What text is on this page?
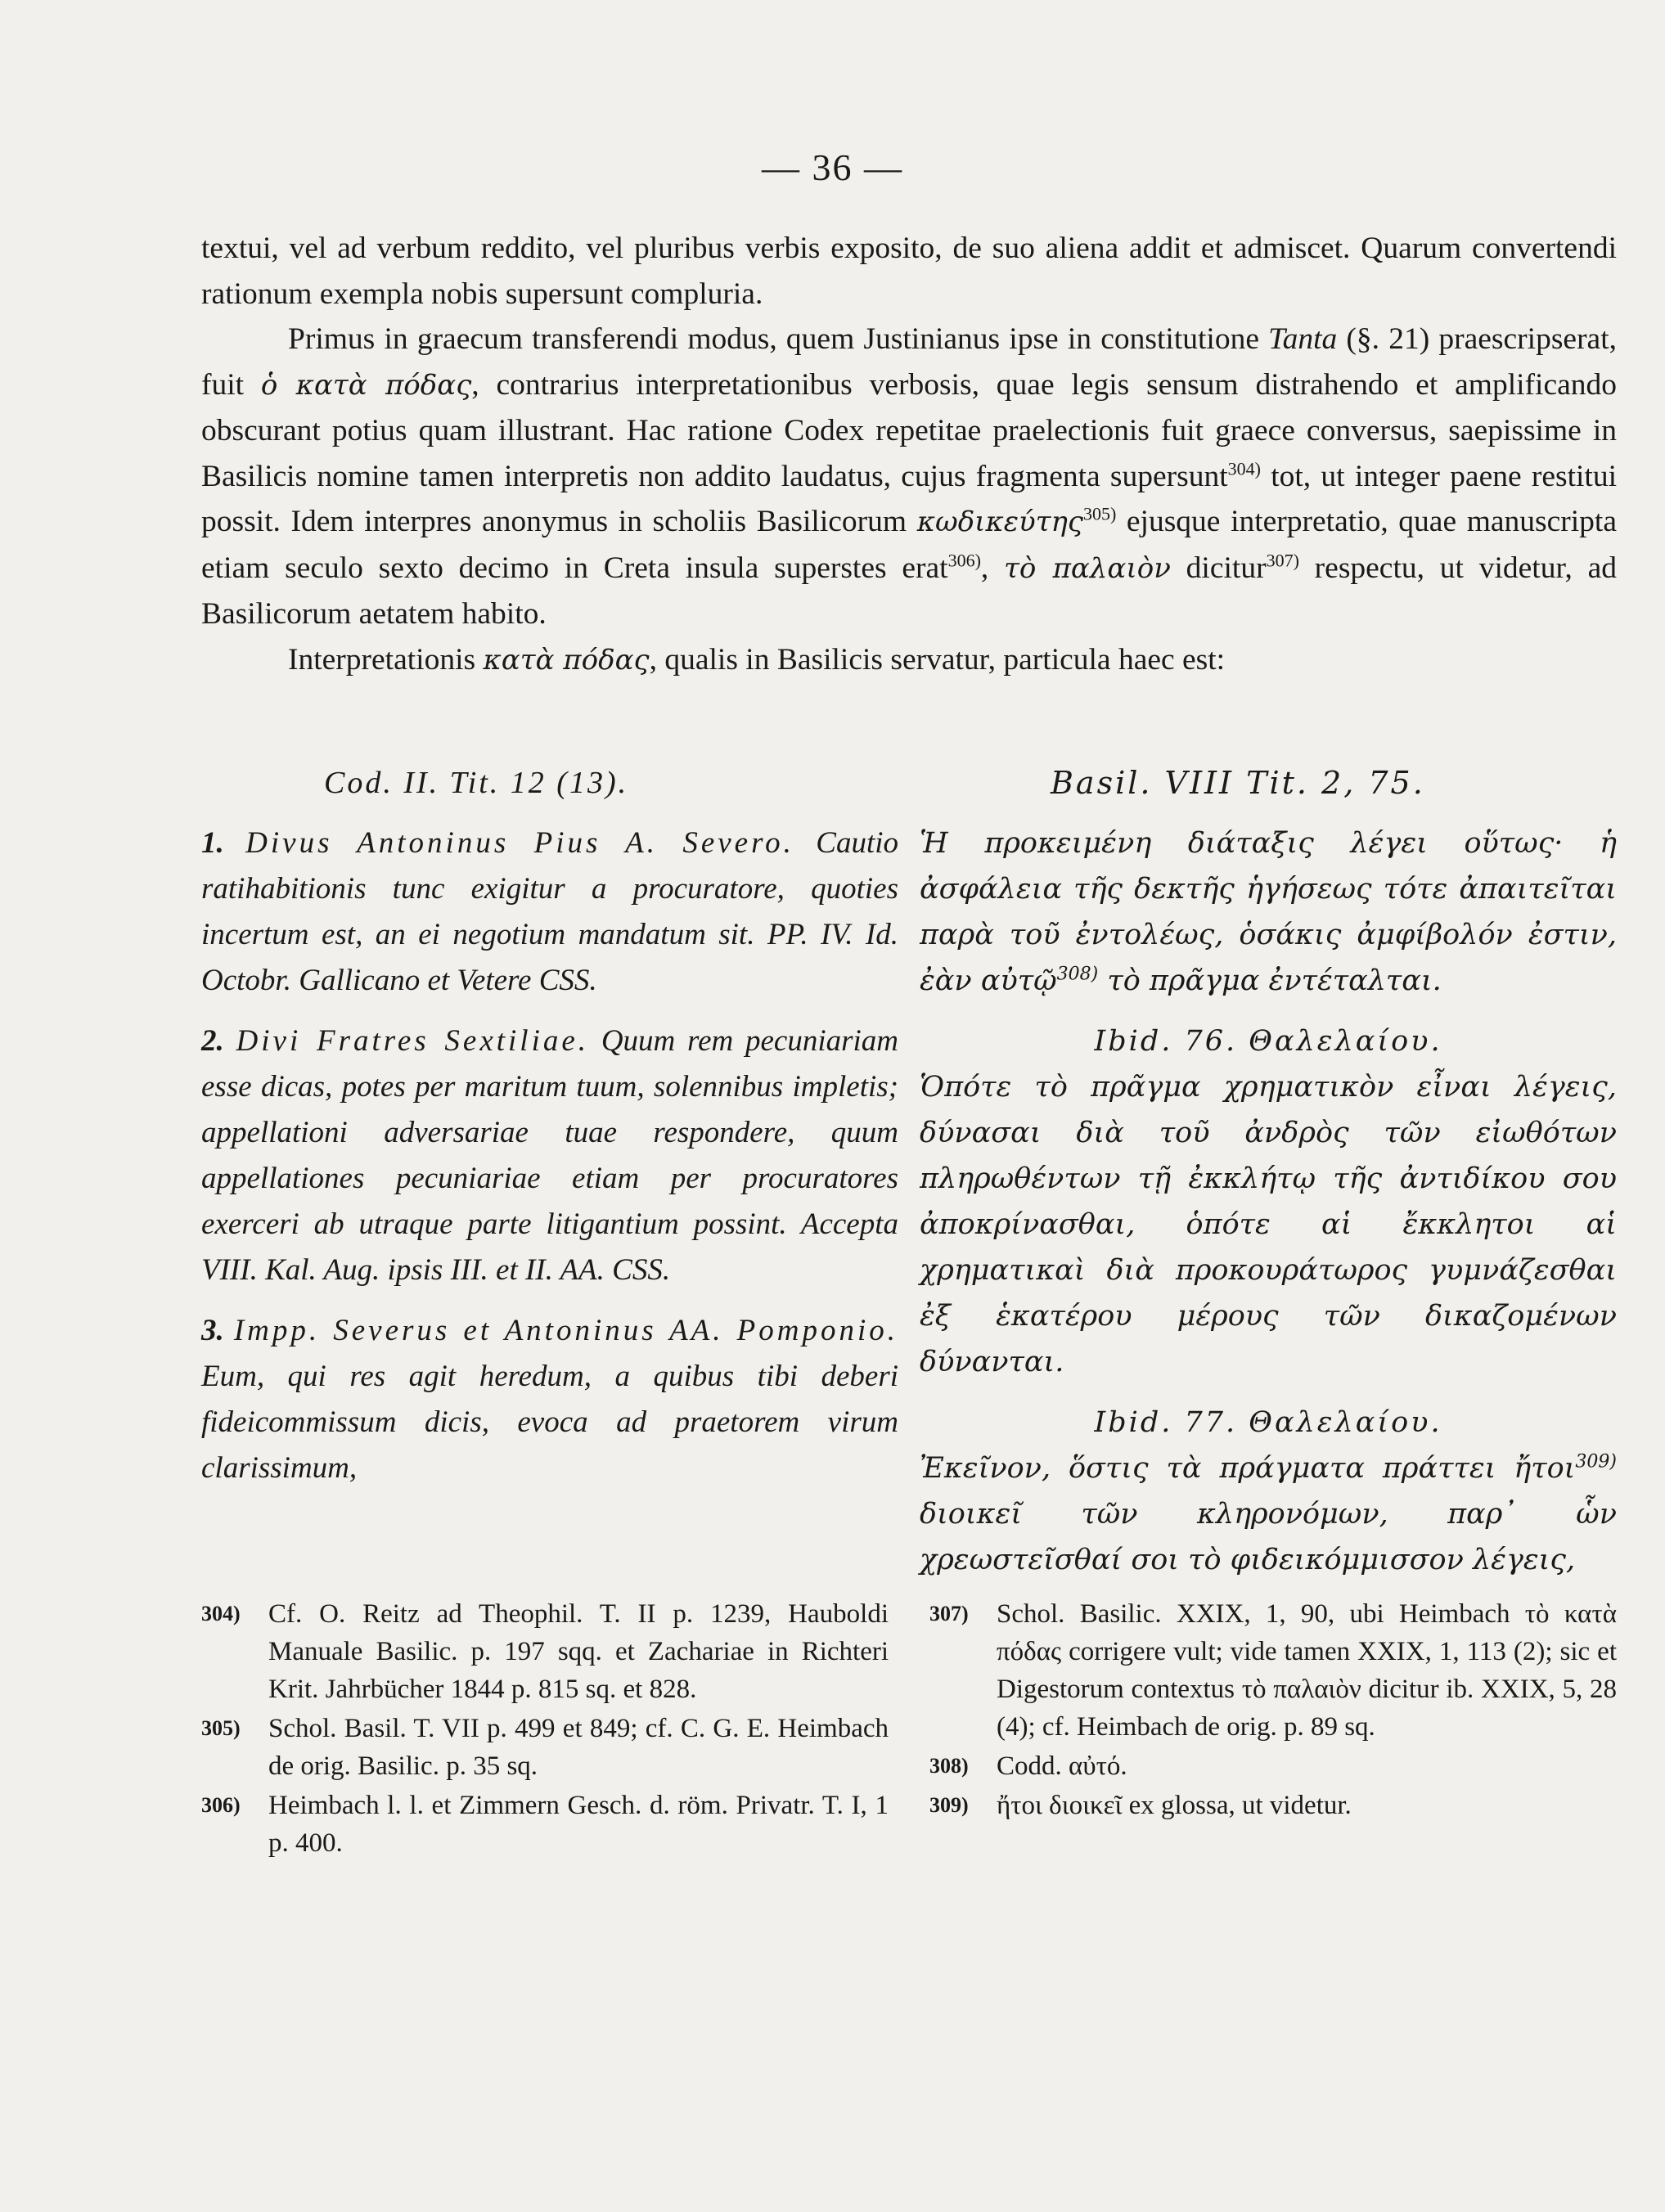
— 36 —

textui, vel ad verbum reddito, vel pluribus verbis exposito, de suo aliena addit et admiscet. Quarum convertendi rationum exempla nobis supersunt compluria.

Primus in graecum transferendi modus, quem Justinianus ipse in constitutione Tanta (§. 21) praescripserat, fuit ὁ κατὰ πόδας, contrarius interpretationibus verbosis, quae legis sensum distrahendo et amplificando obscurant potius quam illustrant. Hac ratione Codex repetitae praelectionis fuit graece conversus, saepissime in Basilicis nomine tamen interpretis non addito laudatus, cujus fragmenta supersunt$^{304)}$ tot, ut integer paene restitui possit. Idem interpres anonymus in scholiis Basilicorum κωδικεύτης$^{305)}$ ejusque interpretatio, quae manuscripta etiam seculo sexto decimo in Creta insula superstes erat$^{306)}$, τὸ παλαιὸν dicitur$^{307)}$ respectu, ut videtur, ad Basilicorum aetatem habito.

Interpretationis κατὰ πόδας, qualis in Basilicis servatur, particula haec est:

Cod. II. Tit. 12 (13).
1. Divus Antoninus Pius A. Severo. Cautio ratihabitionis tunc exigitur a procuratore, quoties incertum est, an ei negotium mandatum sit. PP. IV. Id. Octobr. Gallicano et Vetere CSS.
2. Divi Fratres Sextiliae. Quum rem pecuniariam esse dicas, potes per maritum tuum, solennibus impletis; appellationi adversariae tuae respondere, quum appellationes pecuniariae etiam per procuratores exerceri ab utraque parte litigantium possint. Accepta VIII. Kal. Aug. ipsis III. et II. AA. CSS.
3. Impp. Severus et Antoninus AA. Pomponio. Eum, qui res agit heredum, a quibus tibi deberi fideicommissum dicis, evoca ad praetorem virum clarissimum,
Basil. VIII Tit. 2, 75.
Ἡ προκειμένη διάταξις λέγει οὕτως· ἡ ἀσφάλεια τῆς δεκτῆς ἡγήσεως τότε ἀπαιτεῖται παρὰ τοῦ ἐντολέως, ὁσάκις ἀμφίβολόν ἐστιν, ἐὰν αὐτῷ$^{308)}$ τὸ πρᾶγμα ἐντέταλται.
Ibid. 76. Θαλελαίου.
Ὁπότε τὸ πρᾶγμα χρηματικὸν εἶναι λέγεις, δύνασαι διὰ τοῦ ἀνδρὸς τῶν εἰωθότων πληρωθέντων τῇ ἐκκλήτῳ τῆς ἀντιδίκου σου ἀποκρίνασθαι, ὁπότε αἱ ἔκκλητοι αἱ χρηματικαὶ διὰ προκουράτωρος γυμνάζεσθαι ἐξ ἑκατέρου μέρους τῶν δικαζομένων δύνανται.
Ibid. 77. Θαλελαίου.
Ἐκεῖνον, ὅστις τὰ πράγματα πράττει ἤτοι$^{309)}$ διοικεῖ τῶν κληρονόμων, παρ᾽ ὧν χρεωστεῖσθαί σοι τὸ φιδεικόμμισσον λέγεις,
304)	Cf. O. Reitz ad Theophil. T. II p. 1239, Hauboldi Manuale Basilic. p. 197 sqq. et Zachariae in Richteri Krit. Jahrbücher 1844 p. 815 sq. et 828.
305)	Schol. Basil. T. VII p. 499 et 849; cf. C. G. E. Heimbach de orig. Basilic. p. 35 sq.
306)	Heimbach l. l. et Zimmern Gesch. d. röm. Privatr. T. I, 1 p. 400.
307)	Schol. Basilic. XXIX, 1, 90, ubi Heimbach τὸ κατὰ πόδας corrigere vult; vide tamen XXIX, 1, 113 (2); sic et Digestorum contextus τὸ παλαιὸν dicitur ib. XXIX, 5, 28 (4); cf. Heimbach de orig. p. 89 sq.
308)	Codd. αὐτό.
309)	ἤτοι διοικεῖ ex glossa, ut videtur.
